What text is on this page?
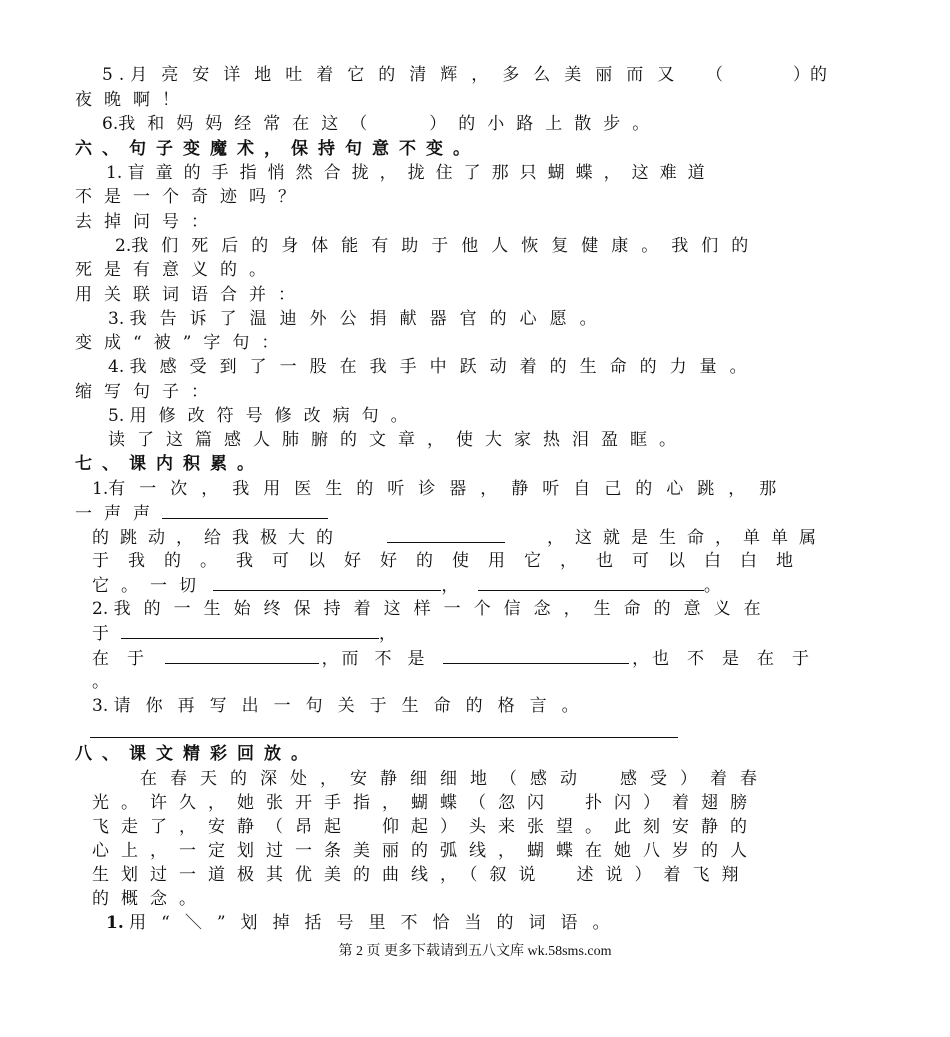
5.月亮安详地吐着它的清辉，多么美丽而又 （	）的
夜晚啊！
6.我和妈妈经常在这（	）的小路上散步。
六、句子变魔术，保持句意不变。
1. 盲童的手指悄然合拢，拢住了那只蝴蝶，这难道
不是一个奇迹吗？
去掉问号：
2.我们死后的身体能有助于他人恢复健康。我们的
死是有意义的。
用关联词语合并：
3. 我告诉了温迪外公捐献器官的心愿。
变成“被”字句：
4. 我感受到了一股在我手中跃动着的生命的力量。
缩写句子：
5. 用修改符号修改病句。
读了这篇感人肺腑的文章，使大家热泪盈眶。
七、课内积累。
1.有一次，我用医生的听诊器，静听自己的心跳，那
一声声
的跳动，给我极大的	，这就是生命，单单属
于我的。我可以好好的使用它，也可以白白地
它。一切	，	。
2. 我的一生始终保持着这样一个信念，生命的意义在
于	，
在于	， 而不是	， 也不是在于
。
3. 请你再写出一句关于生命的格言。
八、课文精彩回放。
在春天的深处，安静细细地（感动　感受）着春
光。许久，她张开手指，蝴蝶（忽闪　扑闪）着翅膀
飞走了，安静（昂起　仰起）头来张望。此刻安静的
心上，一定划过一条美丽的弧线，蝴蝶在她八岁的人
生划过一道极其优美的曲线，（叙说　述说）着飞翔
的概念。
1. 用“＼”划掉括号里不恰当的词语。
第 2 页 更多下载请到五八文库 wk.58sms.com
